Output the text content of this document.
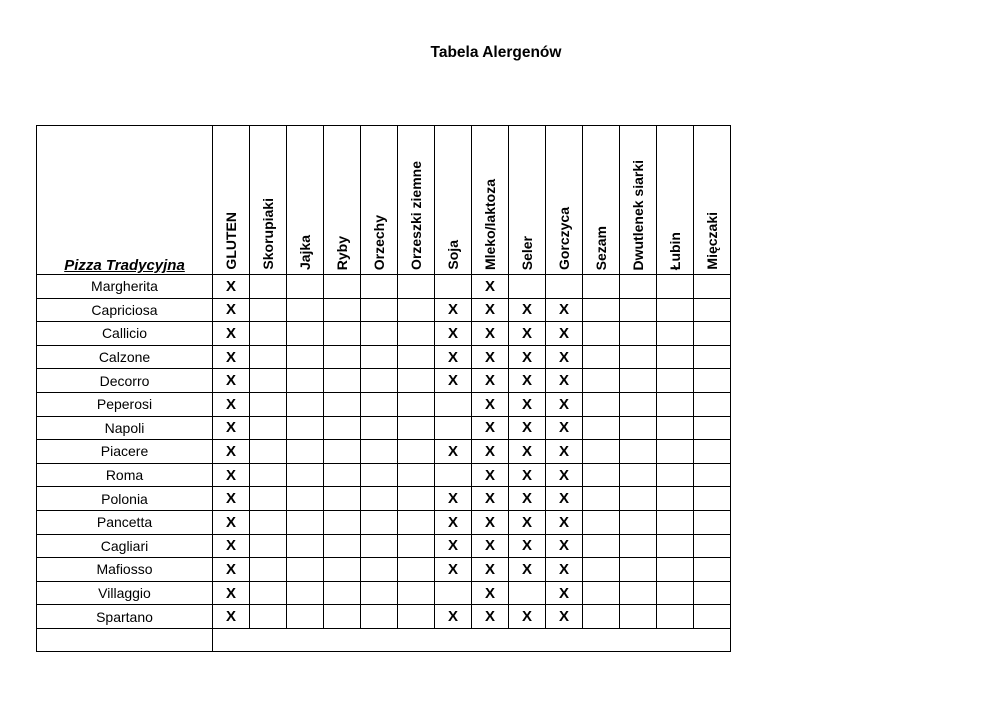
Tabela Alergenów
Pizza Tradycyjna	GLUTEN	Skorupiaki	Jajka	Ryby	Orzechy	Orzeszki ziemne	Soja	Mleko/laktoza	Seler	Gorczyca	Sezam	Dwutlenek siarki	Łubin	Mięczaki

Margherita	X							X						
Capriciosa	X						X	X	X	X				
Callicio	X						X	X	X	X				
Calzone	X						X	X	X	X				
Decorro	X						X	X	X	X				
Peperosi	X							X	X	X				
Napoli	X							X	X	X				
Piacere	X						X	X	X	X				
Roma	X							X	X	X				
Polonia	X						X	X	X	X				
Pancetta	X						X	X	X	X				
Cagliari	X						X	X	X	X				
Mafiosso	X						X	X	X	X				
Villaggio	X							X		X				
Spartano	X						X	X	X	X				
